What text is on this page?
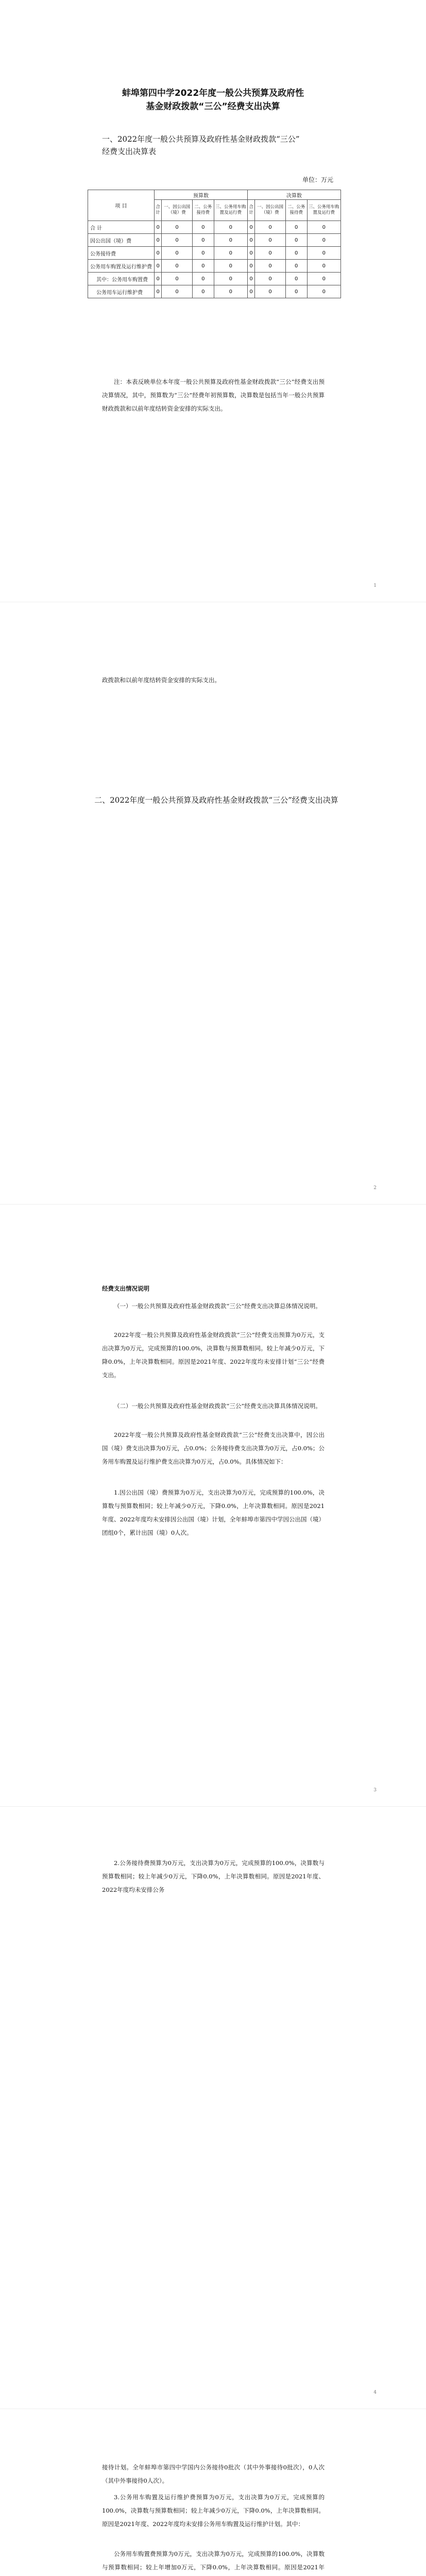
蚌埠第四中学2022年度一般公共预算及政府性
基金财政拨款“三公”经费支出决算
一、2022年度一般公共预算及政府性基金财政拨款“三公”
经费支出决算表
单位：万元
项 目	预算数				决算数			
	合计	一、因公出国（境）费	二、公务接待费	三、公务用车购置及运行费	合计	一、因公出国（境）费	二、公务接待费	三、公务用车购置及运行费

合 计	0	0	0	0	0	0	0	0
因公出国（境）费	0	0	0	0	0	0	0	0
公务接待费	0	0	0	0	0	0	0	0
公务用车购置及运行维护费	0	0	0	0	0	0	0	0
其中：公务用车购置费	0	0	0	0	0	0	0	0
公务用车运行维护费	0	0	0	0	0	0	0	0
注：本表反映单位本年度一般公共预算及政府性基金财政拨款“三公”经费支出预决算情况，其中，预算数为“三公”经费年初预算数，决算数是包括当年一般公共预算财政拨款和以前年度结转资金安排的实际支出。
1
政拨款和以前年度结转资金安排的实际支出。
二、2022年度一般公共预算及政府性基金财政拨款“三公”经费支出决算
2
经费支出情况说明
（一）一般公共预算及政府性基金财政拨款“三公”经费支出决算总体情况说明。
2022年度一般公共预算及政府性基金财政拨款“三公”经费支出预算为0万元，支出决算为0万元，完成预算的100.0%，决算数与预算数相同。较上年减少0万元，下降0.0%，上年决算数相同。原因是2021年度、2022年度均未安排计划“三公”经费支出。
（二）一般公共预算及政府性基金财政拨款“三公”经费支出决算具体情况说明。
2022年度一般公共预算及政府性基金财政拨款“三公”经费支出决算中，因公出国（境）费支出决算为0万元，占0.0%；公务接待费支出决算为0万元，占0.0%；公务用车购置及运行维护费支出决算为0万元，占0.0%。具体情况如下：
1.因公出国（境）费预算为0万元，支出决算为0万元，完成预算的100.0%，决算数与预算数相同；较上年减少0万元，下降0.0%，上年决算数相同。原因是2021年度、2022年度均未安排因公出国（境）计划，全年蚌埠市第四中学因公出国（境）团组0个，累计出国（境）0人次。
3
2.公务接待费预算为0万元，支出决算为0万元，完成预算的100.0%，决算数与预算数相同；较上年减少0万元，下降0.0%，上年决算数相同。原因是2021年度、2022年度均未安排公务
4
接待计划。全年蚌埠市第四中学国内公务接待0批次（其中外事接待0批次），0人次（其中外事接待0人次）。
3.公务用车购置及运行维护费预算为0万元，支出决算为0万元，完成预算的100.0%，决算数与预算数相同；较上年减少0万元，下降0.0%，上年决算数相同。原因是2021年度、2022年度均未安排公务用车购置及运行维护计划。其中：
公务用车购置费预算为0万元，支出决算为0万元，完成预算的100.0%，决算数与预算数相同；较上年增加0万元，下降0.0%，上年决算数相同。原因是2021年
